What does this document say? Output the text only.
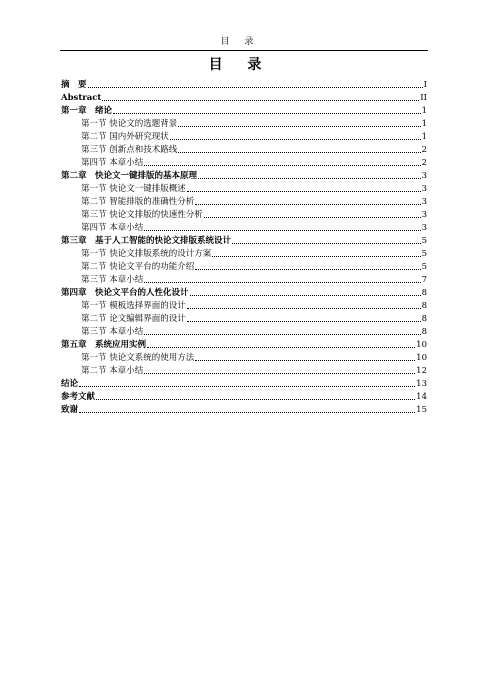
目 录
目 录
摘　要	I
Abstract	II
第一章　绪论	1
第一节 快论文的选题背景	1
第二节 国内外研究现状	1
第三节 创新点和技术路线	2
第四节 本章小结	2
第二章　快论文一键排版的基本原理	3
第一节 快论文一键排版概述	3
第二节 智能排版的准确性分析	3
第三节 快论文排版的快速性分析	3
第四节 本章小结	3
第三章　基于人工智能的快论文排版系统设计	5
第一节 快论文排版系统的设计方案	5
第二节 快论文平台的功能介绍	5
第三节 本章小结	7
第四章　快论文平台的人性化设计	8
第一节 模板选择界面的设计	8
第二节 论文编辑界面的设计	8
第三节 本章小结	8
第五章　系统应用实例	10
第一节 快论文系统的使用方法	10
第二节 本章小结	12
结论	13
参考文献	14
致谢	15
